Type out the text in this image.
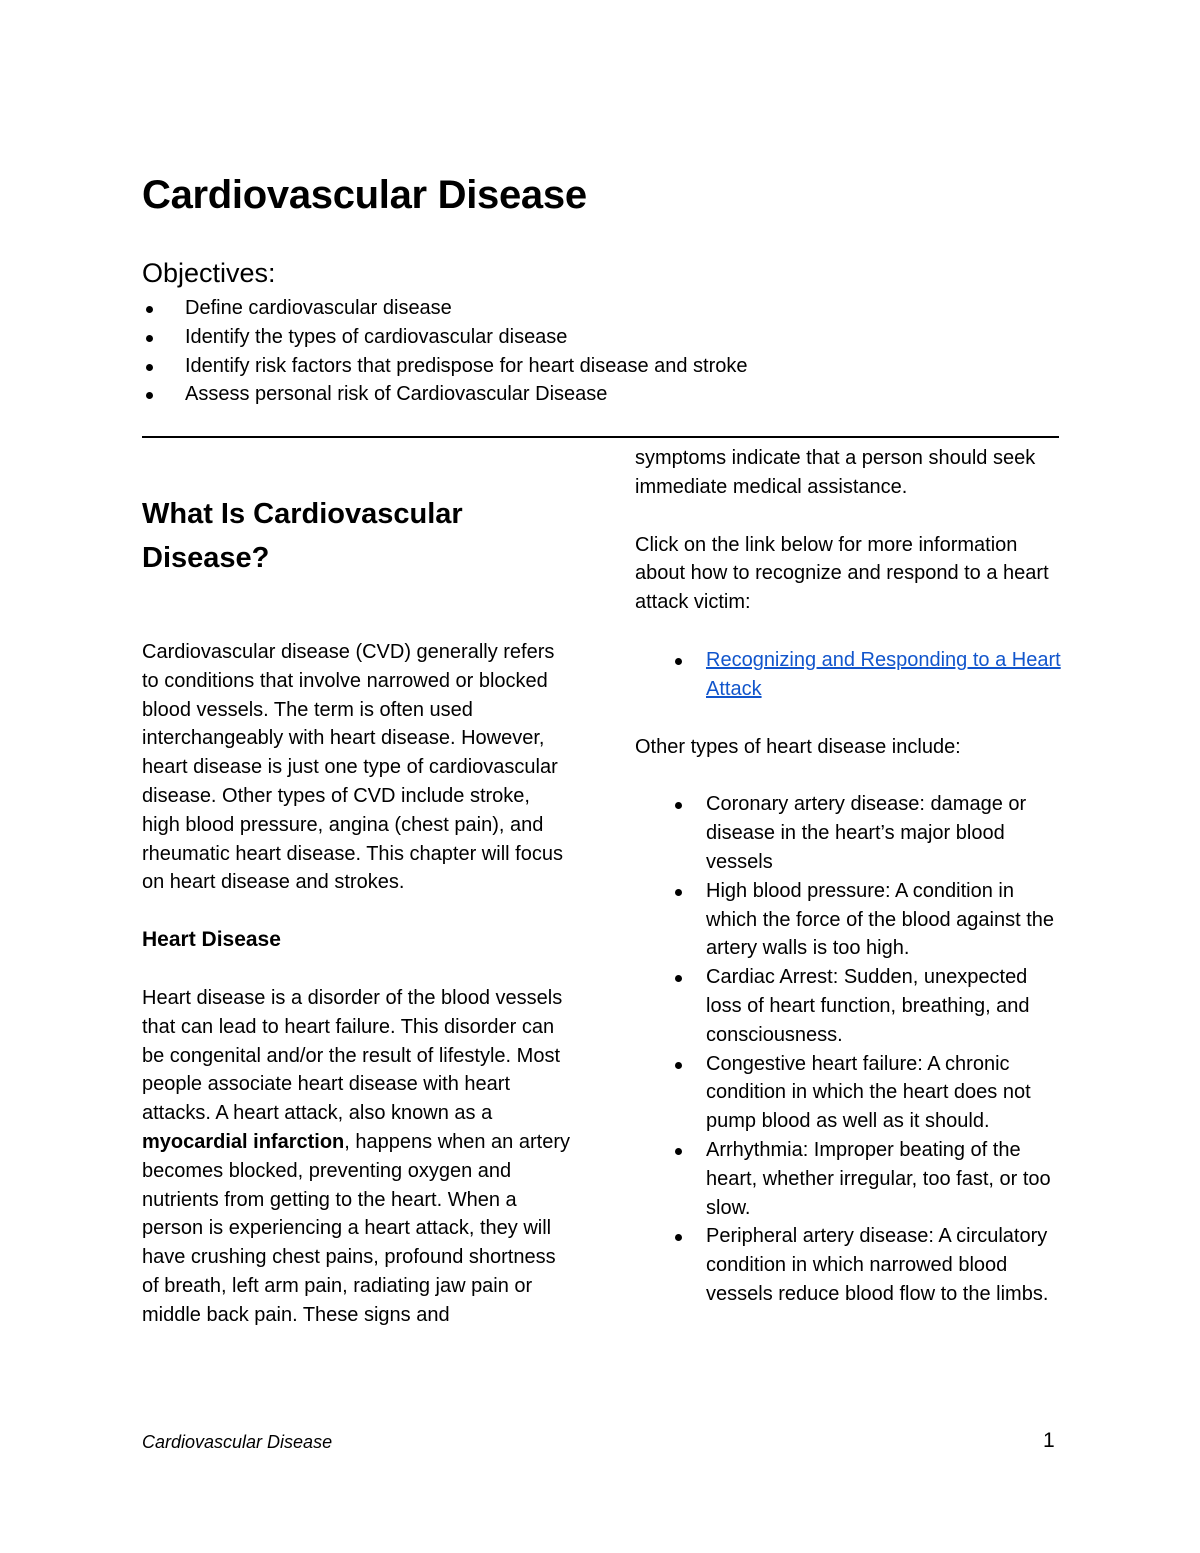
Cardiovascular Disease
Objectives:
Define cardiovascular disease
Identify the types of cardiovascular disease
Identify risk factors that predispose for heart disease and stroke
Assess personal risk of Cardiovascular Disease
What Is Cardiovascular Disease?

Cardiovascular disease (CVD) generally refers to conditions that involve narrowed or blocked blood vessels. The term is often used interchangeably with heart disease. However, heart disease is just one type of cardiovascular disease. Other types of CVD include stroke, high blood pressure, angina (chest pain), and rheumatic heart disease. This chapter will focus on heart disease and strokes.

Heart Disease

Heart disease is a disorder of the blood vessels that can lead to heart failure. This disorder can be congenital and/or the result of lifestyle. Most people associate heart disease with heart attacks. A heart attack, also known as a myocardial infarction, happens when an artery becomes blocked, preventing oxygen and nutrients from getting to the heart. When a person is experiencing a heart attack, they will have crushing chest pains, profound shortness of breath, left arm pain, radiating jaw pain or middle back pain. These signs and

symptoms indicate that a person should seek immediate medical assistance.

Click on the link below for more information about how to recognize and respond to a heart attack victim:

Recognizing and Responding to a Heart Attack

Other types of heart disease include:

Coronary artery disease: damage or disease in the heart’s major blood vessels
High blood pressure: A condition in which the force of the blood against the artery walls is too high.
Cardiac Arrest: Sudden, unexpected loss of heart function, breathing, and consciousness.
Congestive heart failure: A chronic condition in which the heart does not pump blood as well as it should.
Arrhythmia: Improper beating of the heart, whether irregular, too fast, or too slow.
Peripheral artery disease: A circulatory condition in which narrowed blood vessels reduce blood flow to the limbs.
Cardiovascular Disease	1
